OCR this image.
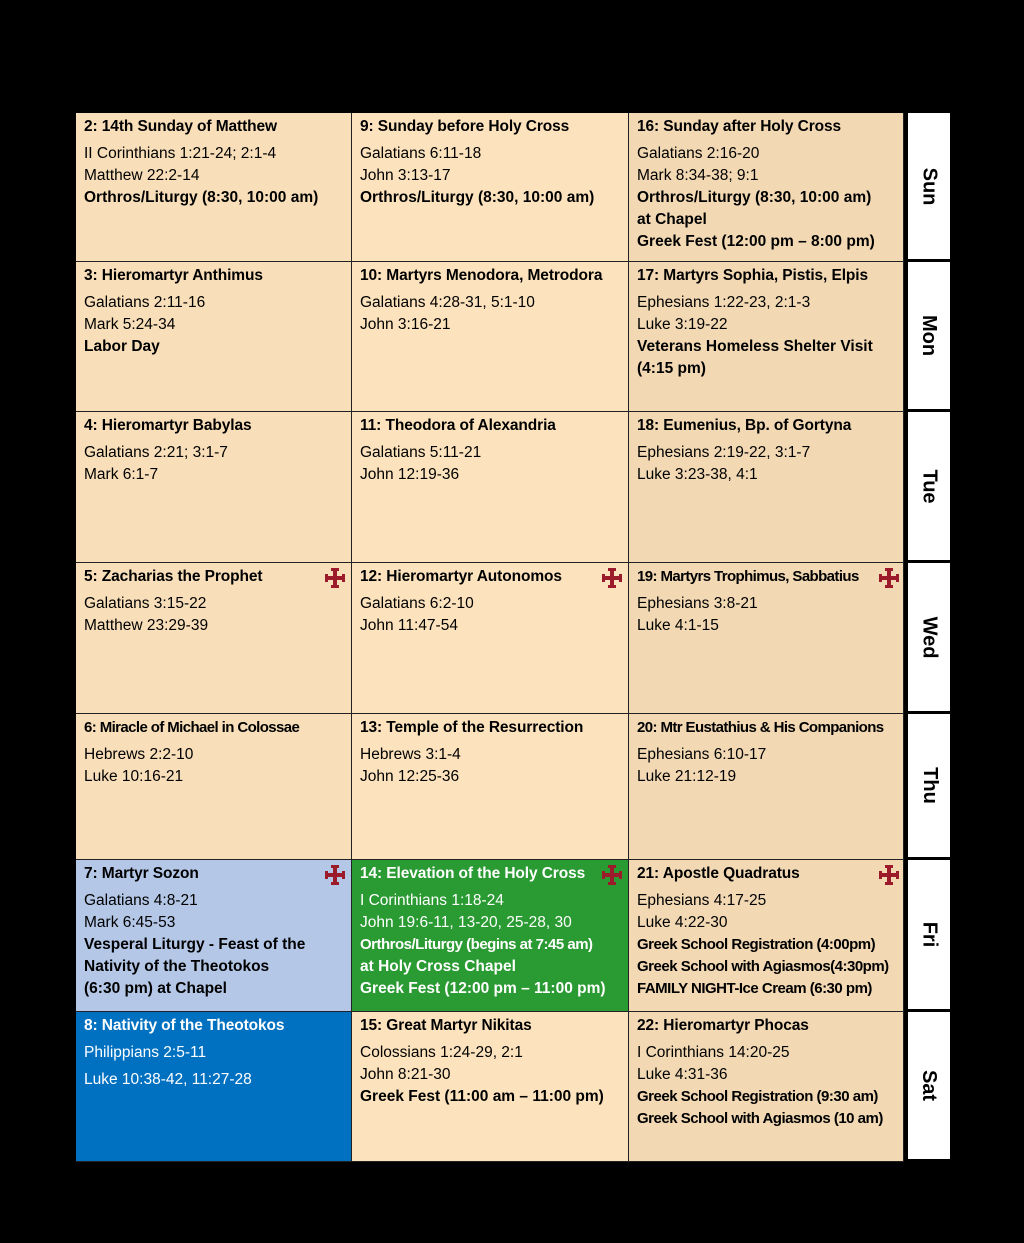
2: 14th Sunday of Matthew
II Corinthians 1:21-24; 2:1-4
Matthew 22:2-14
Orthros/Liturgy (8:30, 10:00 am)
9: Sunday before Holy Cross
Galatians 6:11-18
John 3:13-17
Orthros/Liturgy (8:30, 10:00 am)
16: Sunday after Holy Cross
Galatians 2:16-20
Mark 8:34-38; 9:1
Orthros/Liturgy (8:30, 10:00 am)
at Chapel
Greek Fest (12:00 pm – 8:00 pm)
3: Hieromartyr Anthimus
Galatians 2:11-16
Mark 5:24-34
Labor Day
10: Martyrs Menodora, Metrodora
Galatians 4:28-31, 5:1-10
John 3:16-21
17: Martyrs Sophia, Pistis, Elpis
Ephesians 1:22-23, 2:1-3
Luke 3:19-22
Veterans Homeless Shelter Visit
(4:15 pm)
4: Hieromartyr Babylas
Galatians 2:21; 3:1-7
Mark 6:1-7
11: Theodora of Alexandria
Galatians 5:11-21
John 12:19-36
18: Eumenius, Bp. of Gortyna
Ephesians 2:19-22, 3:1-7
Luke 3:23-38, 4:1
5: Zacharias the Prophet
Galatians 3:15-22
Matthew 23:29-39
12: Hieromartyr Autonomos
Galatians 6:2-10
John 11:47-54
19: Martyrs Trophimus, Sabbatius
Ephesians 3:8-21
Luke 4:1-15
6: Miracle of Michael in Colossae
Hebrews 2:2-10
Luke 10:16-21
13: Temple of the Resurrection
Hebrews 3:1-4
John 12:25-36
20: Mtr Eustathius & His Companions
Ephesians 6:10-17
Luke 21:12-19
7: Martyr Sozon
Galatians 4:8-21
Mark 6:45-53
Vesperal Liturgy - Feast of the
Nativity of the Theotokos
(6:30 pm) at Chapel
14: Elevation of the Holy Cross
I Corinthians 1:18-24
John 19:6-11, 13-20, 25-28, 30
Orthros/Liturgy (begins at 7:45 am)
at Holy Cross Chapel
Greek Fest (12:00 pm – 11:00 pm)
21: Apostle Quadratus
Ephesians 4:17-25
Luke 4:22-30
Greek School Registration (4:00pm)
Greek School with Agiasmos(4:30pm)
FAMILY NIGHT-Ice Cream (6:30 pm)
8: Nativity of the Theotokos
Philippians 2:5-11
Luke 10:38-42, 11:27-28
15: Great Martyr Nikitas
Colossians 1:24-29, 2:1
John 8:21-30
Greek Fest (11:00 am – 11:00 pm)
22: Hieromartyr Phocas
I Corinthians 14:20-25
Luke 4:31-36
Greek School Registration (9:30 am)
Greek School with Agiasmos (10 am)
Sun
Mon
Tue
Wed
Thu
Fri
Sat
